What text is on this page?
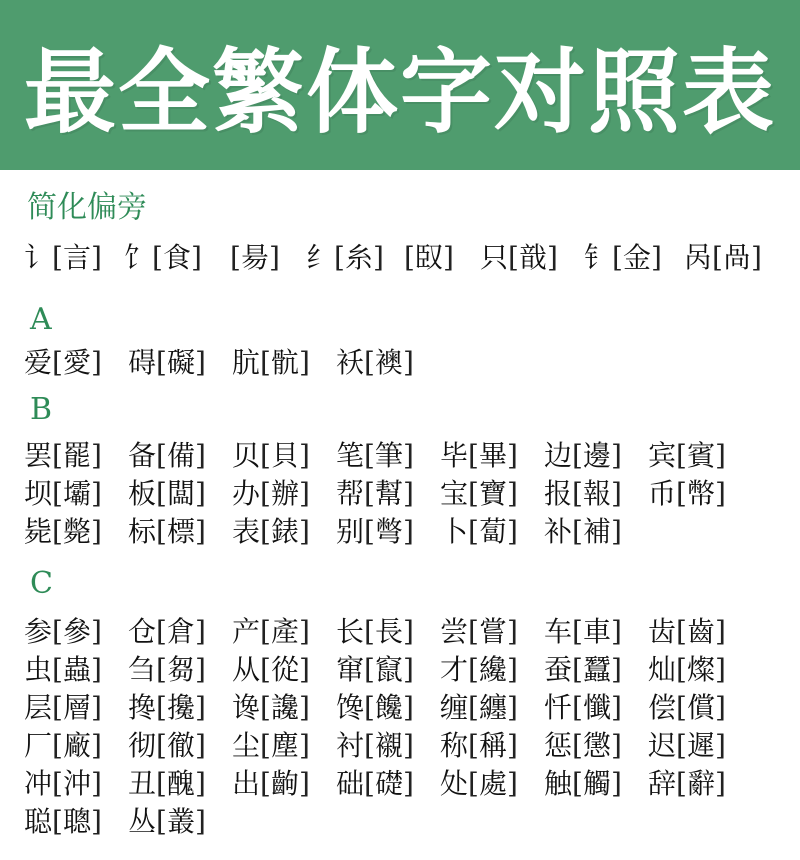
最全繁体字对照表
简化偏旁
讠[言] 饣[食] [昜] 纟[糸] [臤] 只[戠] 钅[金] 呙[咼]
A
爱[愛] 碍[礙] 肮[骯] 袄[襖]
B
罢[罷] 备[備] 贝[貝] 笔[筆] 毕[畢] 边[邊] 宾[賓]
坝[壩] 板[闆] 办[辦] 帮[幫] 宝[寶] 报[報] 币[幣]
毙[斃] 标[標] 表[錶] 别[彆] 卜[蔔] 补[補]
C
参[參] 仓[倉] 产[產] 长[長] 尝[嘗] 车[車] 齿[齒]
虫[蟲] 刍[芻] 从[從] 窜[竄] 才[纔] 蚕[蠶] 灿[燦]
层[層] 搀[攙] 谗[讒] 馋[饞] 缠[纏] 忏[懺] 偿[償]
厂[廠] 彻[徹] 尘[塵] 衬[襯] 称[稱] 惩[懲] 迟[遲]
冲[沖] 丑[醜] 出[齣] 础[礎] 处[處] 触[觸] 辞[辭]
聪[聰] 丛[叢]
